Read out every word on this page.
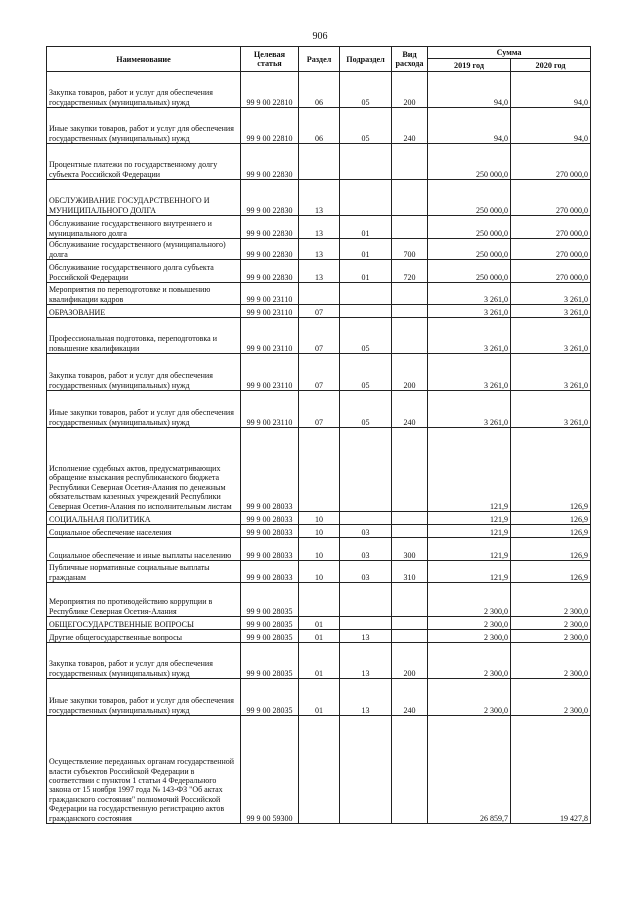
906
Наименование	Целевая статья	Раздел	Подраздел	Вид расхода	Сумма	
					2019 год	2020 год

Закупка товаров, работ и услуг для обеспечения государственных (муниципальных) нужд	99 9 00 22810	06	05	200	94,0	94,0

Иные закупки товаров, работ и услуг для обеспечения государственных (муниципальных) нужд	99 9 00 22810	06	05	240	94,0	94,0

Процентные платежи по государственному долгу субъекта Российской Федерации	99 9 00 22830				250 000,0	270 000,0

ОБСЛУЖИВАНИЕ ГОСУДАРСТВЕННОГО И МУНИЦИПАЛЬНОГО ДОЛГА	99 9 00 22830	13			250 000,0	270 000,0

Обслуживание государственного внутреннего и муниципального долга	99 9 00 22830	13	01		250 000,0	270 000,0

Обслуживание государственного (муниципального) долга	99 9 00 22830	13	01	700	250 000,0	270 000,0

Обслуживание государственного долга субъекта Российской Федерации	99 9 00 22830	13	01	720	250 000,0	270 000,0

Мероприятия по переподготовке и повышению квалификации кадров	99 9 00 23110				3 261,0	3 261,0

ОБРАЗОВАНИЕ	99 9 00 23110	07			3 261,0	3 261,0

Профессиональная подготовка, переподготовка и повышение квалификации	99 9 00 23110	07	05		3 261,0	3 261,0

Закупка товаров, работ и услуг для обеспечения государственных (муниципальных) нужд	99 9 00 23110	07	05	200	3 261,0	3 261,0

Иные закупки товаров, работ и услуг для обеспечения государственных (муниципальных) нужд	99 9 00 23110	07	05	240	3 261,0	3 261,0

Исполнение судебных актов, предусматривающих обращение взыскания республиканского бюджета Республики Северная Осетия-Алания по денежным обязательствам казенных учреждений Республики Северная Осетия-Алания по исполнительным листам	99 9 00 28033				121,9	126,9

СОЦИАЛЬНАЯ ПОЛИТИКА	99 9 00 28033	10			121,9	126,9

Социальное обеспечение населения	99 9 00 28033	10	03		121,9	126,9

Социальное обеспечение и иные выплаты населению	99 9 00 28033	10	03	300	121,9	126,9

Публичные нормативные социальные выплаты гражданам	99 9 00 28033	10	03	310	121,9	126,9

Мероприятия по противодействию коррупции в Республике Северная Осетия-Алания	99 9 00 28035				2 300,0	2 300,0

ОБЩЕГОСУДАРСТВЕННЫЕ ВОПРОСЫ	99 9 00 28035	01			2 300,0	2 300,0

Другие общегосударственные вопросы	99 9 00 28035	01	13		2 300,0	2 300,0

Закупка товаров, работ и услуг для обеспечения государственных (муниципальных) нужд	99 9 00 28035	01	13	200	2 300,0	2 300,0

Иные закупки товаров, работ и услуг для обеспечения государственных (муниципальных) нужд	99 9 00 28035	01	13	240	2 300,0	2 300,0

Осуществление переданных органам государственной власти субъектов Российской Федерации в соответствии с пунктом 1 статьи 4 Федерального закона от 15 ноября 1997 года № 143-ФЗ "Об актах гражданского состояния" полномочий Российской Федерации на государственную регистрацию актов гражданского состояния	99 9 00 59300				26 859,7	19 427,8
